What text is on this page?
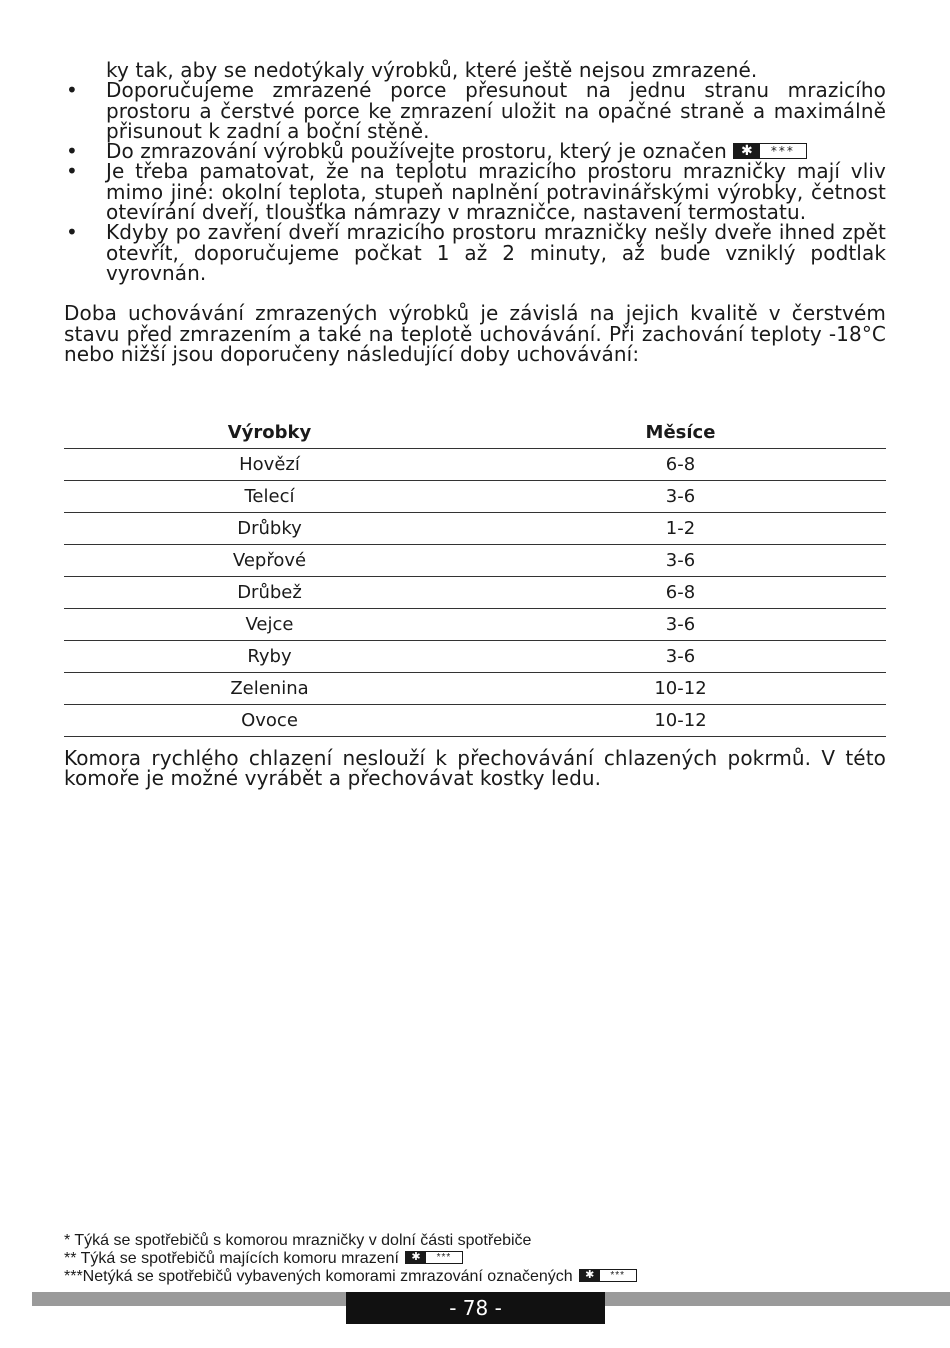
ky tak, aby se nedotýkaly výrobků, které ještě nejsou zmrazené.
• Doporučujeme zmrazené porce přesunout na jednu stranu mrazicího prostoru a čerstvé porce ke zmrazení uložit na opačné straně a maximálně přisunout k zadní a boční stěně.
• Do zmrazování výrobků používejte prostoru, který je označen	✱	***
• Je třeba pamatovat, že na teplotu mrazicího prostoru mrazničky mají vliv mimo jiné: okolní teplota, stupeň naplnění potravinářskými výrobky, četnost otevírání dveří, tloušťka námrazy v mrazničce, nastavení termostatu.
• Kdyby po zavření dveří mrazicího prostoru mrazničky nešly dveře ihned zpět otevřít, doporučujeme počkat 1 až 2 minuty, až bude vzniklý podtlak vyrovnán.

Doba uchovávání zmrazených výrobků je závislá na jejich kvalitě v čerstvém stavu před zmrazením a také na teplotě uchovávání. Při zachování teploty -18°C nebo nižší jsou doporučeny následující doby uchovávání:

Výrobky	Měsíce
Hovězí	6-8
Telecí	3-6
Drůbky	1-2
Vepřové	3-6
Drůbež	6-8
Vejce	3-6
Ryby	3-6
Zelenina	10-12
Ovoce	10-12

Komora rychlého chlazení neslouží k přechovávání chlazených pokrmů. V této komoře je možné vyrábět a přechovávat kostky ledu.

* Týká se spotřebičů s komorou mrazničky v dolní části spotřebiče
** Týká se spotřebičů majících komoru mrazení	✱	***
***Netýká se spotřebičů vybavených komorami zmrazování označených	✱	***
- 78 -
